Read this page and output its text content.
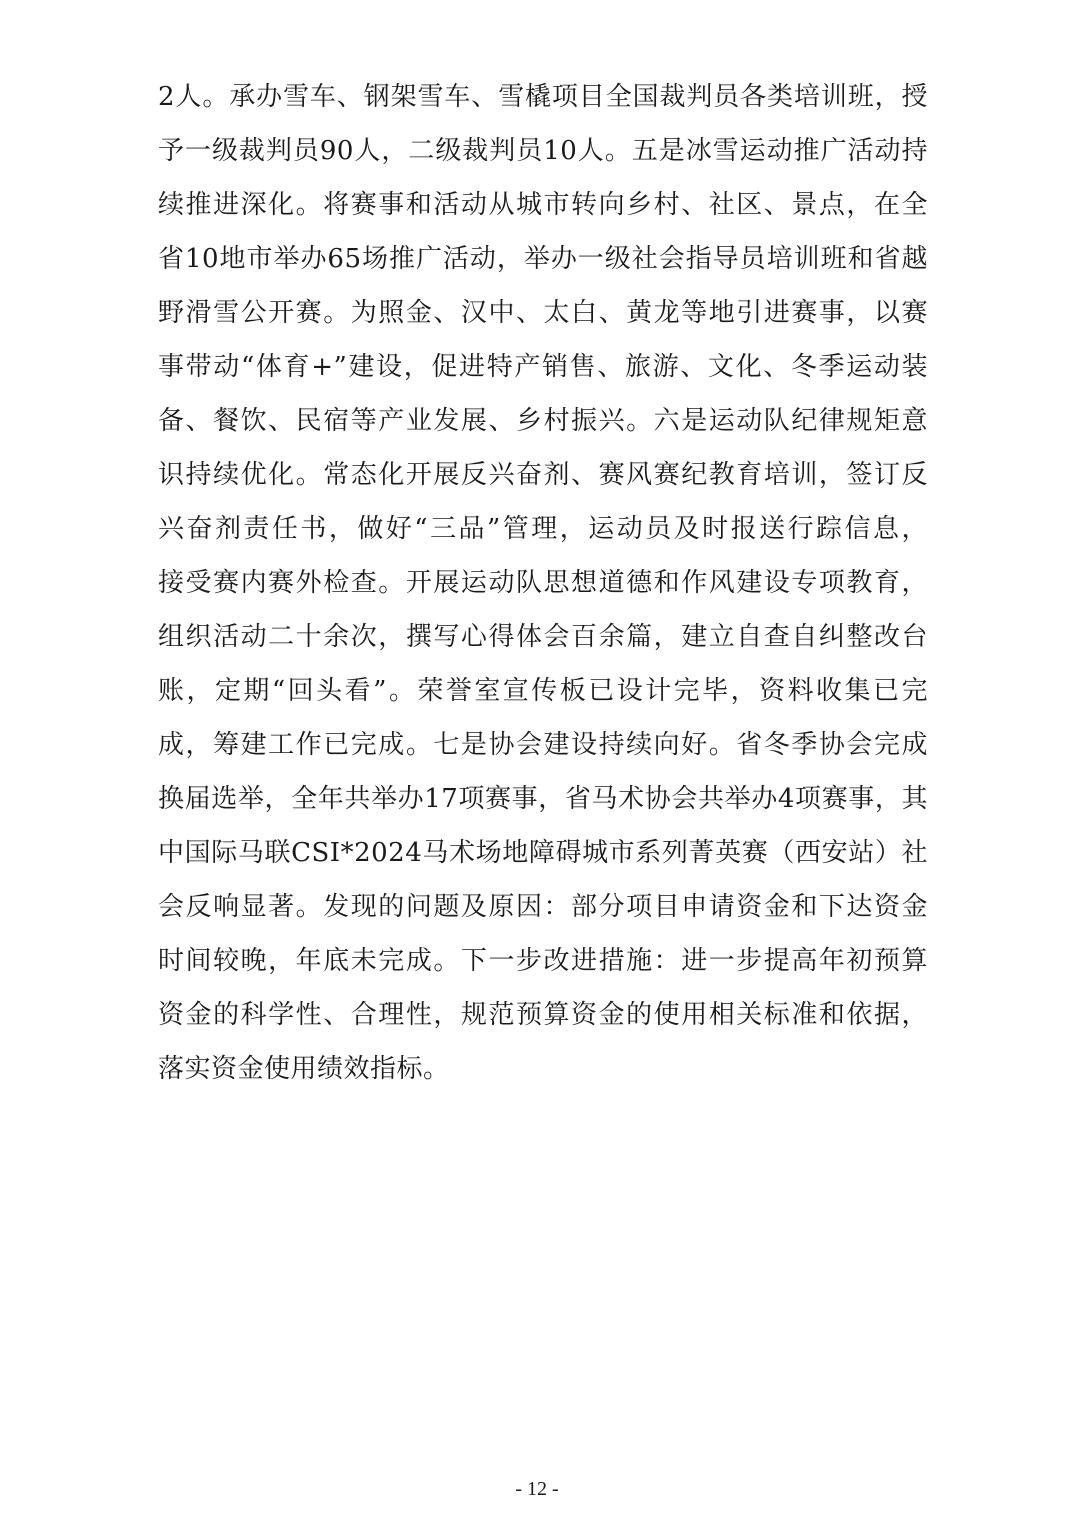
2人。承办雪车、钢架雪车、雪橇项目全国裁判员各类培训班，授
予一级裁判员90人，二级裁判员10人。五是冰雪运动推广活动持
续推进深化。将赛事和活动从城市转向乡村、社区、景点，在全
省10地市举办65场推广活动，举办一级社会指导员培训班和省越
野滑雪公开赛。为照金、汉中、太白、黄龙等地引进赛事，以赛
事带动“体育+”建设，促进特产销售、旅游、文化、冬季运动装
备、餐饮、民宿等产业发展、乡村振兴。六是运动队纪律规矩意
识持续优化。常态化开展反兴奋剂、赛风赛纪教育培训，签订反
兴奋剂责任书，做好“三品”管理，运动员及时报送行踪信息，
接受赛内赛外检查。开展运动队思想道德和作风建设专项教育，
组织活动二十余次，撰写心得体会百余篇，建立自查自纠整改台
账，定期“回头看”。荣誉室宣传板已设计完毕，资料收集已完
成，筹建工作已完成。七是协会建设持续向好。省冬季协会完成
换届选举，全年共举办17项赛事，省马术协会共举办4项赛事，其
中国际马联CSI*2024马术场地障碍城市系列菁英赛（西安站）社
会反响显著。发现的问题及原因：部分项目申请资金和下达资金
时间较晚，年底未完成。下一步改进措施：进一步提高年初预算
资金的科学性、合理性，规范预算资金的使用相关标准和依据，
落实资金使用绩效指标。
- 12 -
